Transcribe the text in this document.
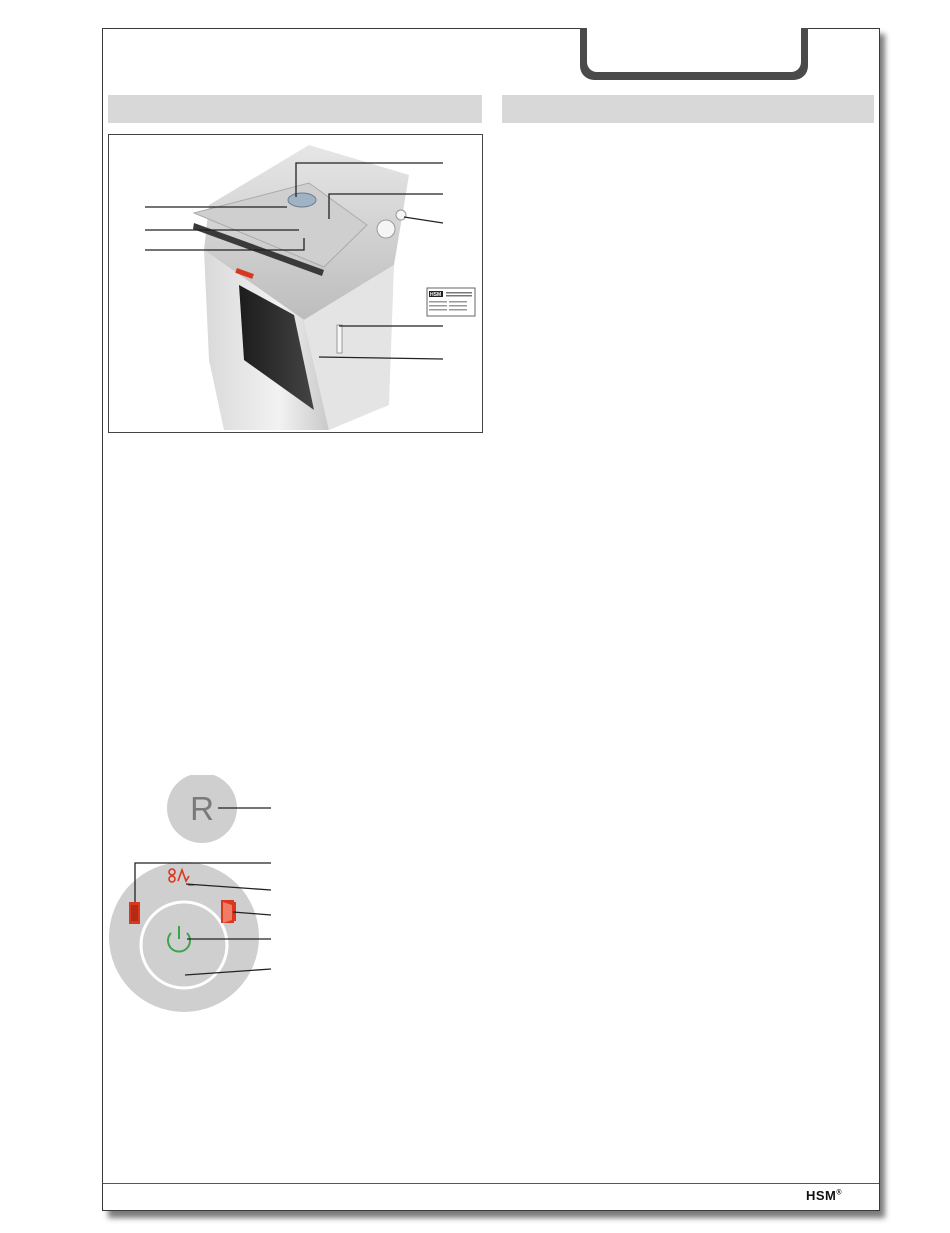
HSM
R
HSM®
